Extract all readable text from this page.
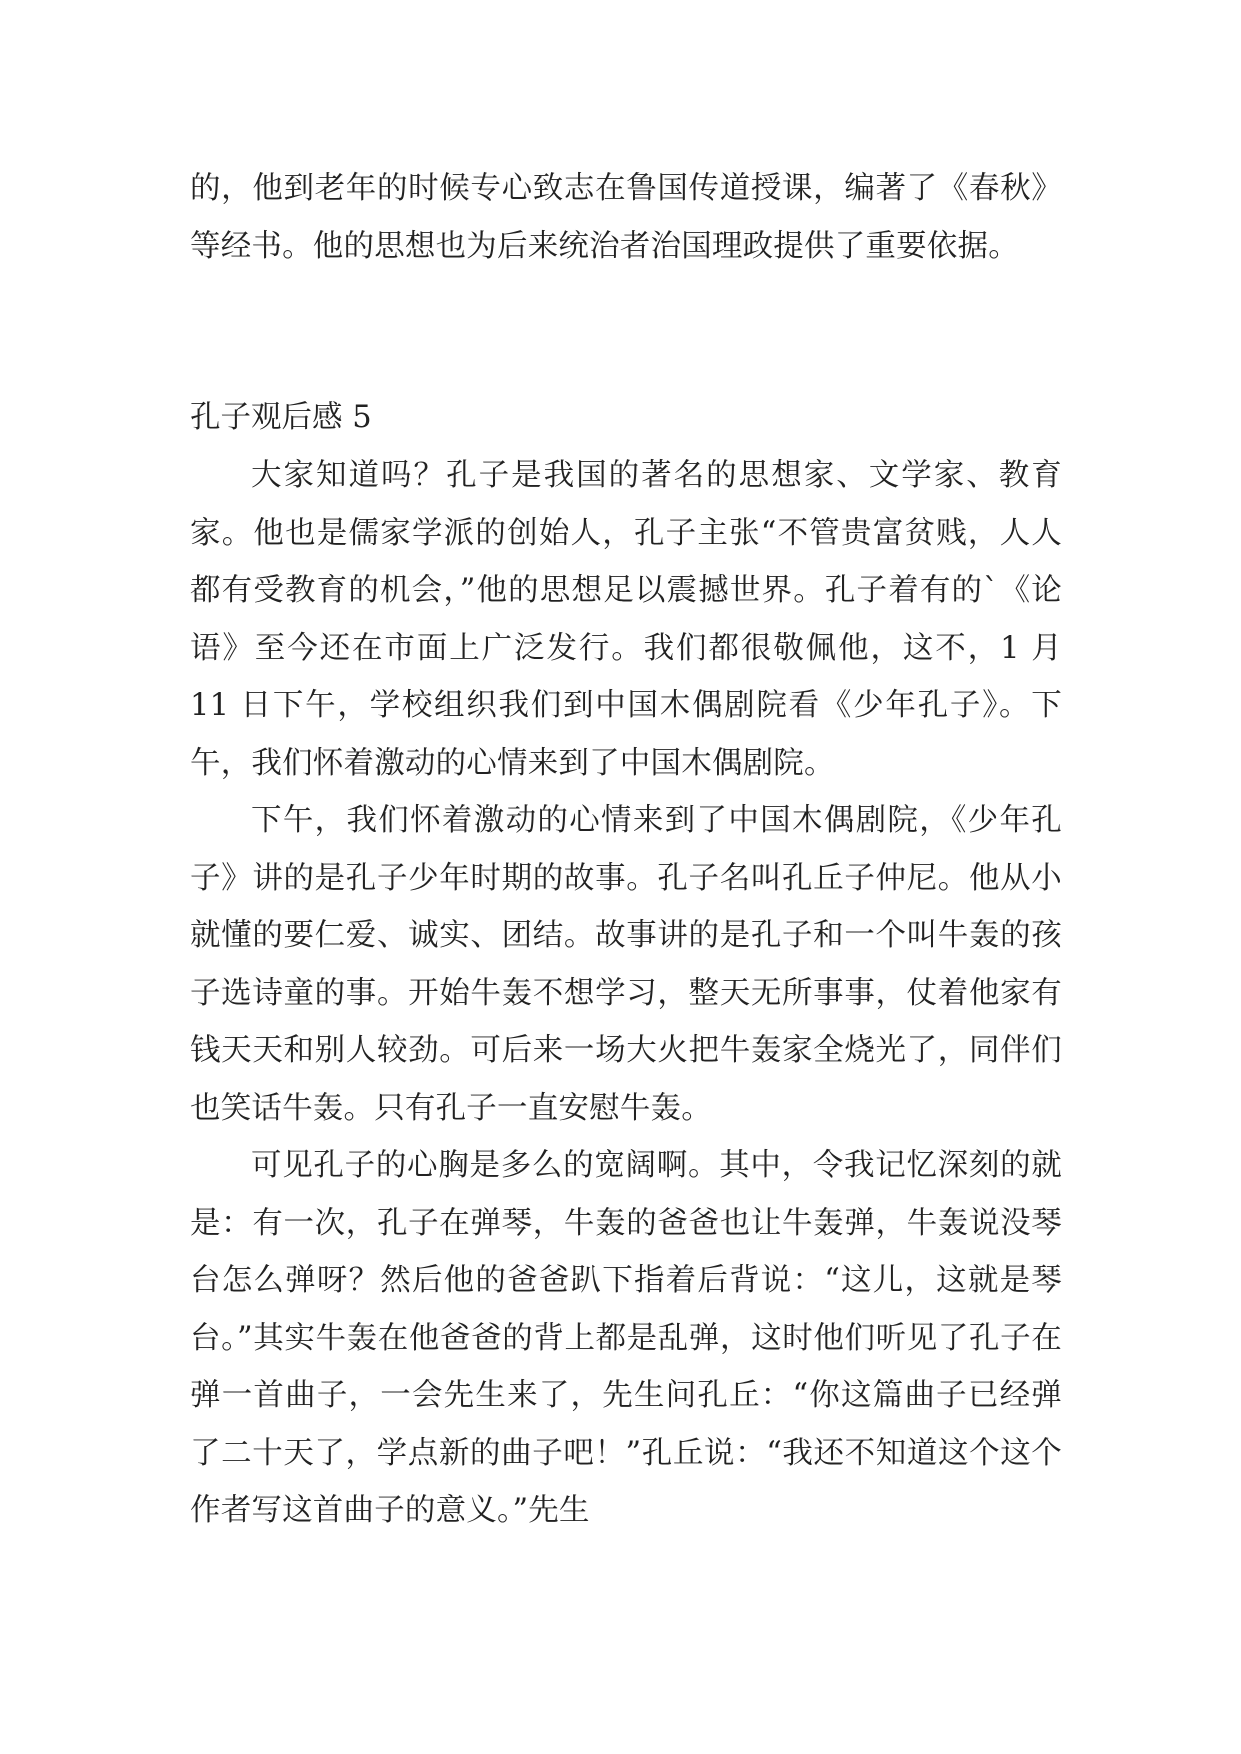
的，他到老年的时候专心致志在鲁国传道授课，编著了《春秋》等经书。他的思想也为后来统治者治国理政提供了重要依据。

孔子观后感 5

大家知道吗？孔子是我国的著名的思想家、文学家、教育家。他也是儒家学派的创始人，孔子主张“不管贵富贫贱，人人都有受教育的机会，”他的思想足以震撼世界。孔子着有的`《论语》至今还在市面上广泛发行。我们都很敬佩他，这不，1 月 11 日下午，学校组织我们到中国木偶剧院看《少年孔子》。下午，我们怀着激动的心情来到了中国木偶剧院。

下午，我们怀着激动的心情来到了中国木偶剧院，《少年孔子》讲的是孔子少年时期的故事。孔子名叫孔丘子仲尼。他从小就懂的要仁爱、诚实、团结。故事讲的是孔子和一个叫牛轰的孩子选诗童的事。开始牛轰不想学习，整天无所事事，仗着他家有钱天天和别人较劲。可后来一场大火把牛轰家全烧光了，同伴们也笑话牛轰。只有孔子一直安慰牛轰。

可见孔子的心胸是多么的宽阔啊。其中，令我记忆深刻的就是：有一次，孔子在弹琴，牛轰的爸爸也让牛轰弹，牛轰说没琴台怎么弹呀？然后他的爸爸趴下指着后背说：“这儿，这就是琴台。”其实牛轰在他爸爸的背上都是乱弹，这时他们听见了孔子在弹一首曲子，一会先生来了，先生问孔丘：“你这篇曲子已经弹了二十天了，学点新的曲子吧！”孔丘说：“我还不知道这个这个作者写这首曲子的意义。”先生
